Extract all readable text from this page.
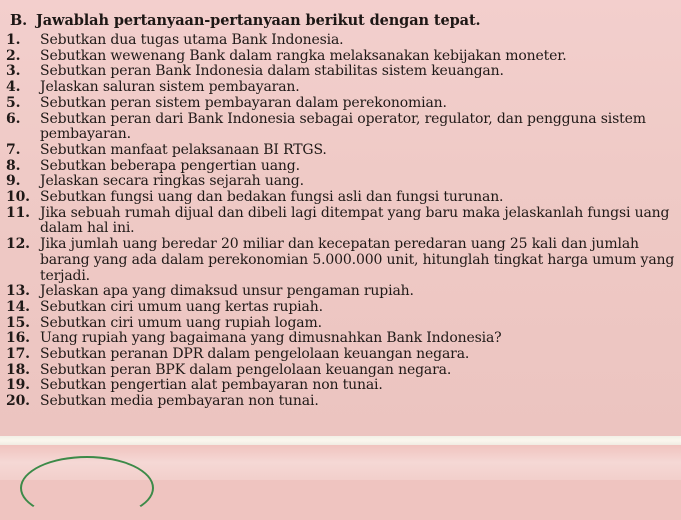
B. Jawablah pertanyaan-pertanyaan berikut dengan tepat.
1.	Sebutkan dua tugas utama Bank Indonesia.
2.	Sebutkan wewenang Bank dalam rangka melaksanakan kebijakan moneter.
3.	Sebutkan peran Bank Indonesia dalam stabilitas sistem keuangan.
4.	Jelaskan saluran sistem pembayaran.
5.	Sebutkan peran sistem pembayaran dalam perekonomian.
6.	Sebutkan peran dari Bank Indonesia sebagai operator, regulator, dan pengguna sistem pembayaran.
7.	Sebutkan manfaat pelaksanaan BI RTGS.
8.	Sebutkan beberapa pengertian uang.
9.	Jelaskan secara ringkas sejarah uang.
10. Sebutkan fungsi uang dan bedakan fungsi asli dan fungsi turunan.
11. Jika sebuah rumah dijual dan dibeli lagi ditempat yang baru maka jelaskanlah fungsi uang dalam hal ini.
12. Jika jumlah uang beredar 20 miliar dan kecepatan peredaran uang 25 kali dan jumlah barang yang ada dalam perekonomian 5.000.000 unit, hitunglah tingkat harga umum yang terjadi.
13. Jelaskan apa yang dimaksud unsur pengaman rupiah.
14. Sebutkan ciri umum uang kertas rupiah.
15. Sebutkan ciri umum uang rupiah logam.
16. Uang rupiah yang bagaimana yang dimusnahkan Bank Indonesia?
17. Sebutkan peranan DPR dalam pengelolaan keuangan negara.
18. Sebutkan peran BPK dalam pengelolaan keuangan negara.
19. Sebutkan pengertian alat pembayaran non tunai.
20. Sebutkan media pembayaran non tunai.
